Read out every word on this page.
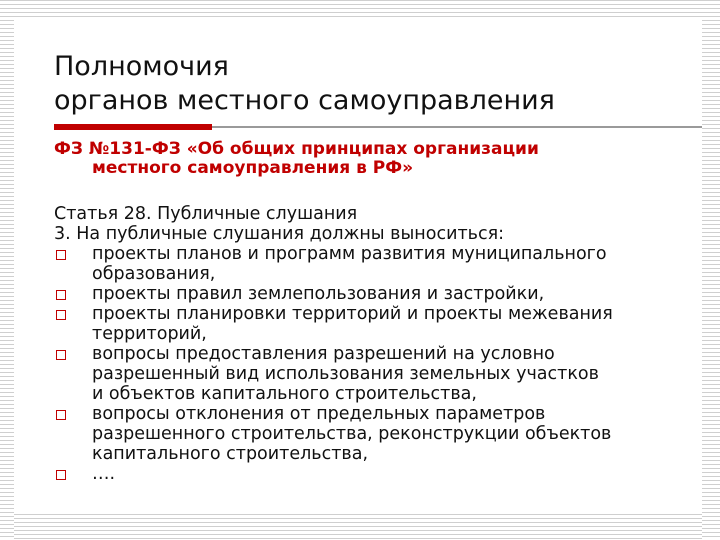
Полномочия
органов местного самоуправления
ФЗ №131-ФЗ «Об общих принципах организации
местного самоуправления в РФ»
Статья 28. Публичные слушания
3. На публичные слушания должны выноситься:
проекты планов и программ развития муниципального
образования,
проекты правил землепользования и застройки,
проекты планировки территорий и проекты межевания
территорий,
вопросы предоставления разрешений на условно
разрешенный вид использования земельных участков
и объектов капитального строительства,
вопросы отклонения от предельных параметров
разрешенного строительства, реконструкции объектов
капитального строительства,
….
